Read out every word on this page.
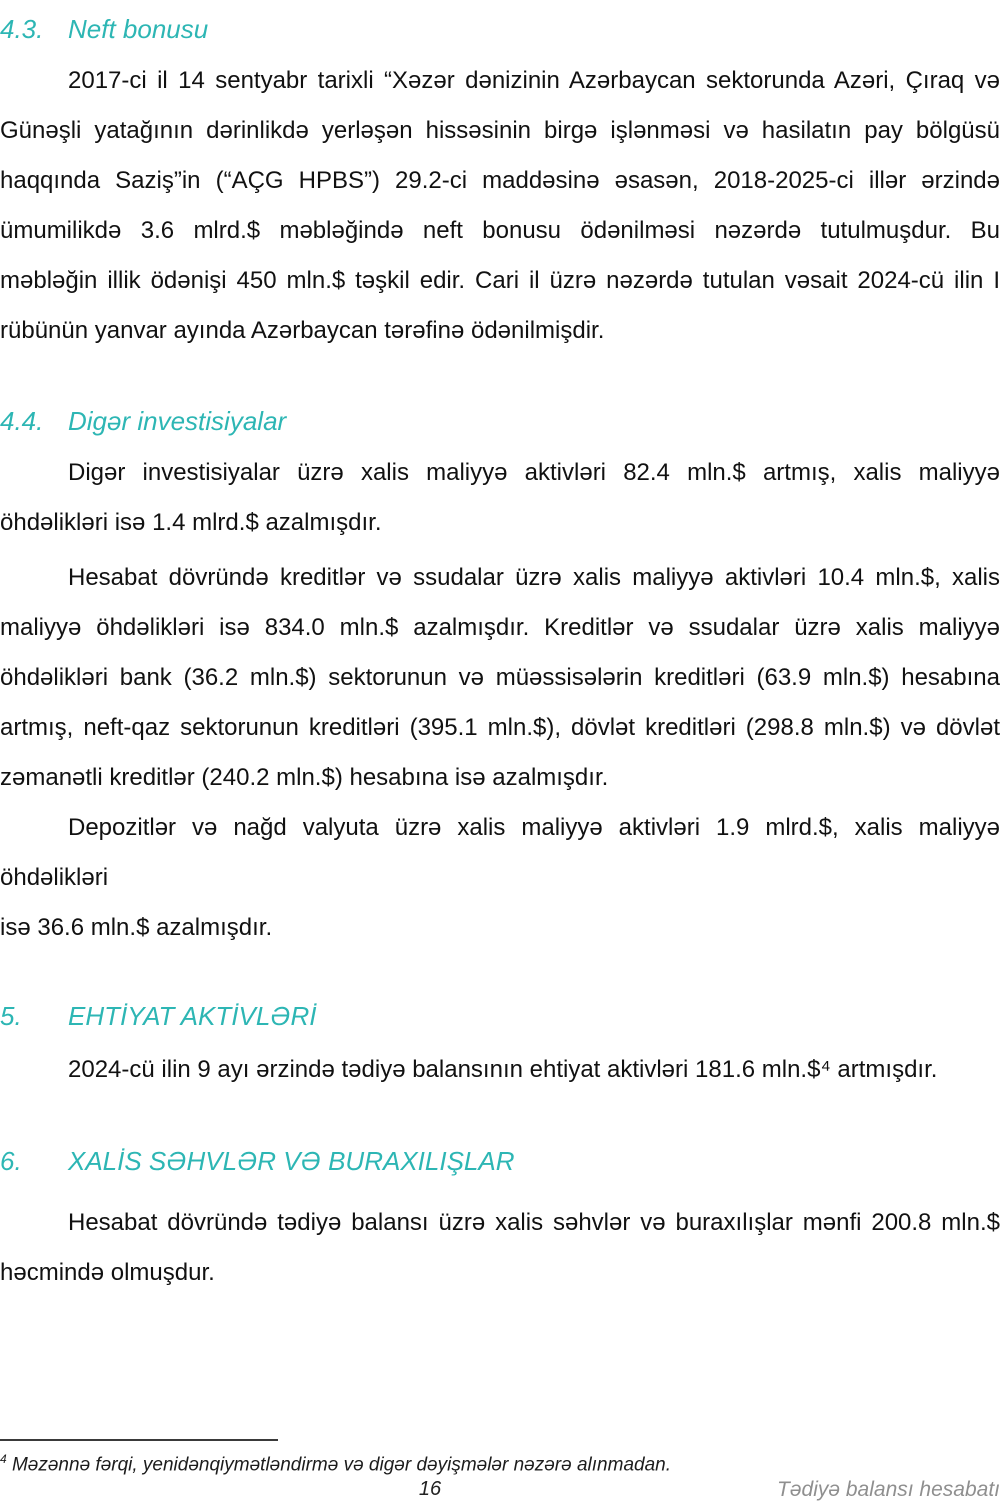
4.3. Neft bonusu
2017-ci il 14 sentyabr tarixli “Xəzər dənizinin Azərbaycan sektorunda Azəri, Çıraq və
Günəşli yatağının dərinlikdə yerləşən hissəsinin birgə işlənməsi və hasilatın pay bölgüsü
haqqında Saziş”in (“AÇG HPBS”) 29.2-ci maddəsinə əsasən, 2018-2025-ci illər ərzində
ümumilikdə 3.6 mlrd.$ məbləğində neft bonusu ödənilməsi nəzərdə tutulmuşdur. Bu
məbləğin illik ödənişi 450 mln.$ təşkil edir. Cari il üzrə nəzərdə tutulan vəsait 2024-cü ilin I
rübünün yanvar ayında Azərbaycan tərəfinə ödənilmişdir.
4.4. Digər investisiyalar
Digər investisiyalar üzrə xalis maliyyə aktivləri 82.4 mln.$ artmış, xalis maliyyə
öhdəlikləri isə 1.4 mlrd.$ azalmışdır.
Hesabat dövründə kreditlər və ssudalar üzrə xalis maliyyə aktivləri 10.4 mln.$, xalis
maliyyə öhdəlikləri isə 834.0 mln.$ azalmışdır. Kreditlər və ssudalar üzrə xalis maliyyə
öhdəlikləri bank (36.2 mln.$) sektorunun və müəssisələrin kreditləri (63.9 mln.$) hesabına
artmış, neft-qaz sektorunun kreditləri (395.1 mln.$), dövlət kreditləri (298.8 mln.$) və dövlət
zəmanətli kreditlər (240.2 mln.$) hesabına isə azalmışdır.
Depozitlər və nağd valyuta üzrə xalis maliyyə aktivləri 1.9 mlrd.$, xalis maliyyə öhdəlikləri
isə 36.6 mln.$ azalmışdır.
5.	EHTİYAT AKTİVLƏRİ
2024-cü ilin 9 ayı ərzində tədiyə balansının ehtiyat aktivləri 181.6 mln.$⁴ artmışdır.
6.	XALİS SƏHVLƏR VƏ BURAXILIŞLAR
Hesabat dövründə tədiyə balansı üzrə xalis səhvlər və buraxılışlar mənfi 200.8 mln.$
həcmində olmuşdur.
$^4$ Məzənnə fərqi, yenidənqiymətləndirmə və digər dəyişmələr nəzərə alınmadan.
16	Tədiyə balansı hesabatı
